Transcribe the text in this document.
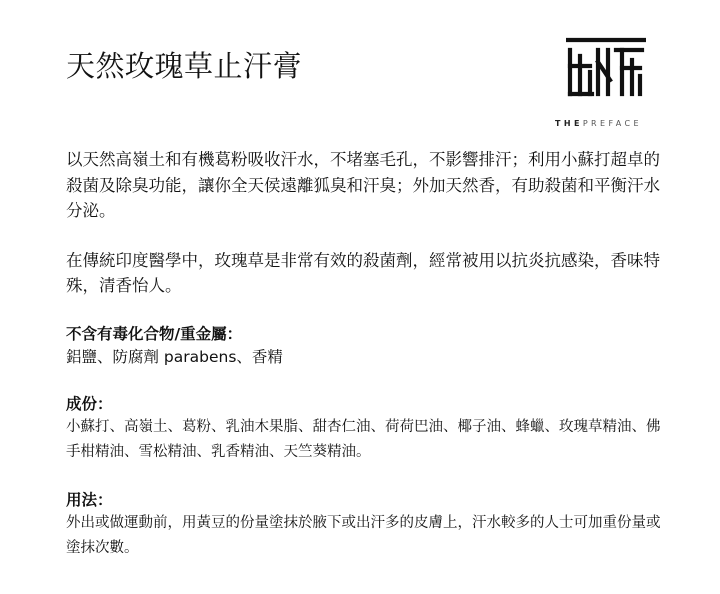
天然玫瑰草止汗膏
THEPREFACE

以天然高嶺土和有機葛粉吸收汗水，不堵塞毛孔，不影響排汗；利用小蘇打超卓的殺菌及除臭功能，讓你全天侯遠離狐臭和汗臭；外加天然香，有助殺菌和平衡汗水分泌。

在傳統印度醫學中，玫瑰草是非常有效的殺菌劑，經常被用以抗炎抗感染，香味特殊，清香怡人。

不含有毒化合物/重金屬：

鋁鹽、防腐劑 parabens、香精

成份：

小蘇打、高嶺土、葛粉、乳油木果脂、甜杏仁油、荷荷巴油、椰子油、蜂蠟、玫瑰草精油、佛手柑精油、雪松精油、乳香精油、天竺葵精油。

用法：

外出或做運動前，用黃豆的份量塗抹於腋下或出汗多的皮膚上，汗水較多的人士可加重份量或塗抹次數。
